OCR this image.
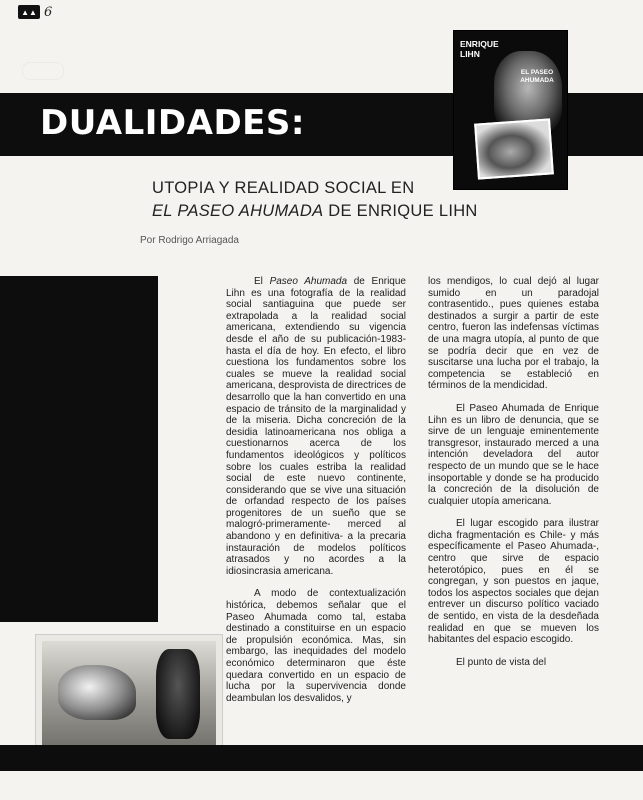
▲▲ 6
DUALIDADES:
ENRIQUE LIHN
EL PASEO AHUMADA
UTOPIA Y REALIDAD SOCIAL EN
EL PASEO AHUMADA DE ENRIQUE LIHN
Por Rodrigo Arriagada

El Paseo Ahumada de Enrique Lihn es una fotografía de la realidad social santiaguina que puede ser extrapolada a la realidad social americana, extendiendo su vigencia desde el año de su publicación-1983- hasta el día de hoy. En efecto, el libro cuestiona los fundamentos sobre los cuales se mueve la realidad social americana, desprovista de directrices de desarrollo que la han convertido en una espacio de tránsito de la marginalidad y de la miseria. Dicha concreción de la desidia latinoamericana nos obliga a cuestionarnos acerca de los fundamentos ideológicos y políticos sobre los cuales estriba la realidad social de este nuevo continente, considerando que se vive una situación de orfandad respecto de los países progenitores de un sueño que se malogró-primeramente- merced al abandono y en definitiva- a la precaria instauración de modelos políticos atrasados y no acordes a la idiosincrasia americana.

A modo de contextualización histórica, debemos señalar que el Paseo Ahumada como tal, estaba destinado a constituirse en un espacio de propulsión económica. Mas, sin embargo, las inequidades del modelo económico determinaron que éste quedara convertido en un espacio de lucha por la supervivencia donde deambulan los desvalidos, y

los mendigos, lo cual dejó al lugar sumido en un paradojal contrasentido., pues quienes estaba destinados a surgir a partir de este centro, fueron las indefensas víctimas de una magra utopía, al punto de que se podría decir que en vez de suscitarse una lucha por el trabajo, la competencia se estableció en términos de la mendicidad.

El Paseo Ahumada de Enrique Lihn es un libro de denuncia, que se sirve de un lenguaje eminentemente transgresor, instaurado merced a una intención develadora del autor respecto de un mundo que se le hace insoportable y donde se ha producido la concreción de la disolución de cualquier utopía americana.

El lugar escogido para ilustrar dicha fragmentación es Chile- y más específicamente el Paseo Ahumada-, centro que sirve de espacio heterotópico, pues en él se congregan, y son puestos en jaque, todos los aspectos sociales que dejan entrever un discurso político vaciado de sentido, en vista de la desdeñada realidad en que se mueven los habitantes del espacio escogido.

El punto de vista del
